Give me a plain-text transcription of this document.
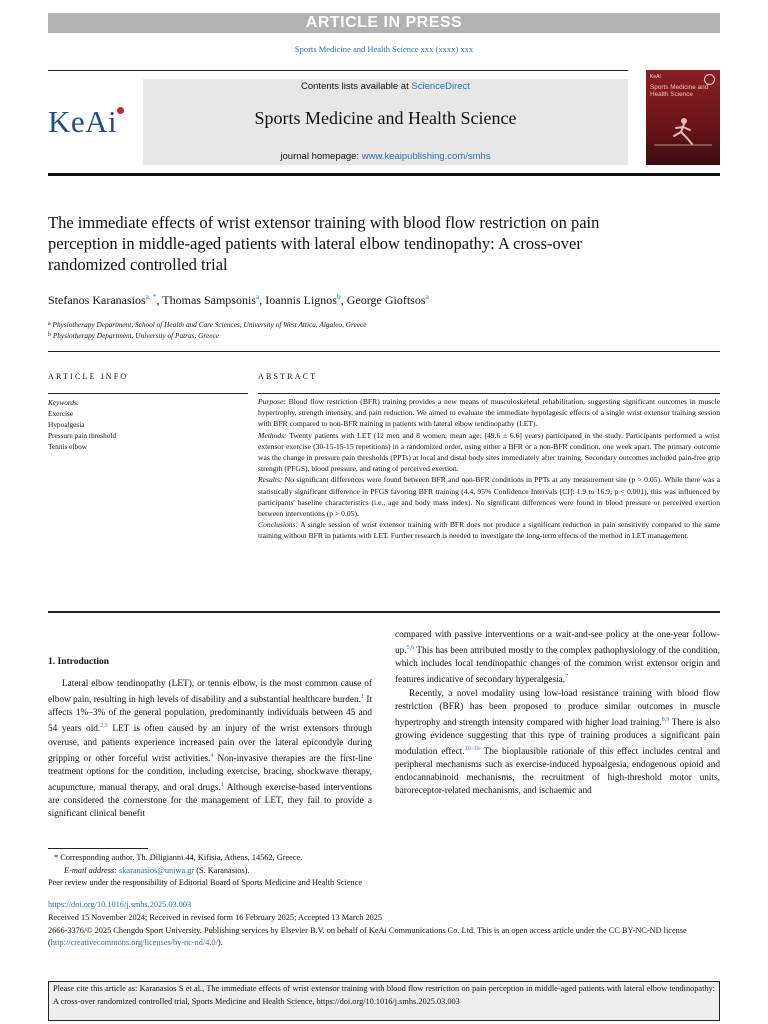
ARTICLE IN PRESS
Sports Medicine and Health Science xxx (xxxx) xxx
Contents lists available at ScienceDirect
Sports Medicine and Health Science
journal homepage: www.keaipublishing.com/smhs
KeAi
KeAi
Sports Medicine and Health Science
The immediate effects of wrist extensor training with blood flow restriction on pain perception in middle-aged patients with lateral elbow tendinopathy: A cross-over randomized controlled trial
Stefanos Karanasios$^{a, *}$, Thomas Sampsonis$^a$, Ioannis Lignos$^b$, George Gioftsos$^a$
$^a$ Physiotherapy Department, School of Health and Care Sciences, University of West Attica, Aigaleo, Greece
$^b$ Physiotherapy Department, University of Patras, Greece
ARTICLE INFO	ABSTRACT
Keywords:
Exercise
Hypoalgesia
Pressure pain threshold
Tennis elbow

Purpose: Blood flow restriction (BFR) training provides a new means of musculoskeletal rehabilitation, suggesting significant outcomes in muscle hypertrophy, strength intensity, and pain reduction. We aimed to evaluate the immediate hypolagesic effects of a single wrist extensor training session with BFR compared to non-BFR training in patients with lateral elbow tendinopathy (LET).

Methods: Twenty patients with LET (12 men and 8 women; mean age: [49.6 ± 6.6] years) participated in the study. Participants performed a wrist extensor exercise (30-15-15-15 repetitions) in a randomized order, using either a BFR or a non-BFR condition, one week apart. The primary outcome was the change in pressure pain thresholds (PPTs) at local and distal body sites immediately after training. Secondary outcomes included pain-free grip strength (PFGS), blood pressure, and rating of perceived exertion.

Results: No significant differences were found between BFR and non-BFR conditions in PPTs at any measurement site (p > 0.05). While there was a statistically significant difference in PFGS favoring BFR training (4.4, 95% Confidence Intervals [CI]: 1.9 to 16.9; p < 0.001), this was influenced by participants' baseline characteristics (i.e., age and body mass index). No significant differences were found in blood pressure or perceived exertion between interventions (p > 0.05).

Conclusions: A single session of wrist extensor training with BFR does not produce a significant reduction in pain sensitivity compared to the same training without BFR in patients with LET. Further research is needed to investigate the long-term effects of the method in LET management.

1. Introduction

Lateral elbow tendinopathy (LET), or tennis elbow, is the most common cause of elbow pain, resulting in high levels of disability and a substantial healthcare burden.$^1$ It affects 1%–3% of the general population, predominantly individuals between 45 and 54 years old.$^{2,3}$ LET is often caused by an injury of the wrist extensors through overuse, and patients experience increased pain over the lateral epicondyle during gripping or other forceful wrist activities.$^4$ Non-invasive therapies are the first-line treatment options for the condition, including exercise, bracing, shockwave therapy, acupuncture, manual therapy, and oral drugs.$^1$ Although exercise-based interventions are considered the cornerstone for the management of LET, they fail to provide a significant clinical benefit

compared with passive interventions or a wait-and-see policy at the one-year follow-up.$^{5,6}$ This has been attributed mostly to the complex pathophysiology of the condition, which includes local tendinopathic changes of the common wrist extensor origin and features indicative of secondary hyperalgesia.$^7$

Recently, a novel modality using low-load resistance training with blood flow restriction (BFR) has been proposed to produce similar outcomes in muscle hypertrophy and strength intensity compared with higher load training.$^{8,9}$ There is also growing evidence suggesting that this type of training produces a significant pain modulation effect.$^{10-16}$ The bioplausible rationale of this effect includes central and peripheral mechanisms such as exercise-induced hypoalgesia, endogenous opioid and endocannabinoid mechanisms, the recruitment of high-threshold motor units, baroreceptor-related mechanisms, and ischaemic and

* Corresponding author. Th. Diligianni 44, Kifisia, Athens, 14562, Greece.
E-mail address: skaranasios@uniwa.gr (S. Karanasios).
Peer review under the responsibility of Editorial Board of Sports Medicine and Health Science
https://doi.org/10.1016/j.smhs.2025.03.003
Received 15 November 2024; Received in revised form 16 February 2025; Accepted 13 March 2025
2666-3376/© 2025 Chengdu Sport University. Publishing services by Elsevier B.V. on behalf of KeAi Communications Co. Ltd. This is an open access article under the CC BY-NC-ND license (http://creativecommons.org/licenses/by-nc-nd/4.0/).
Please cite this article as: Karanasios S et al., The immediate effects of wrist extensor training with blood flow restriction on pain perception in middle-aged patients with lateral elbow tendinopathy: A cross-over randomized controlled trial, Sports Medicine and Health Science, https://doi.org/10.1016/j.smhs.2025.03.003
